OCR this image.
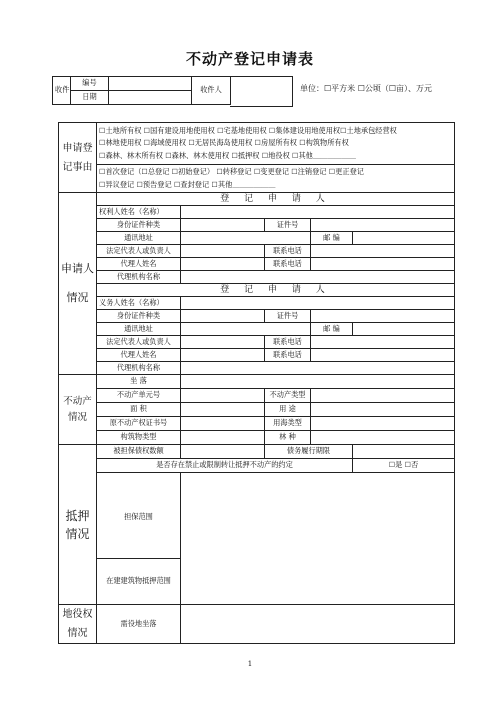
不动产登记申请表
收件	编号		收件人
	日期		
单位：☐平方米 ☐公顷（☐亩）、万元
申请登记事由	☐土地所有权 ☐国有建设用地使用权 ☐宅基地使用权 ☐集体建设用地使用权☐土地承包经营权
☐林地使用权 ☐海域使用权 ☐无居民海岛使用权 ☐房屋所有权 ☐构筑物所有权
☐森林、林木所有权 ☐森林、林木使用权 ☐抵押权 ☐地役权 ☐其他＿＿＿＿＿＿				

	☐首次登记（☐总登记 ☐初始登记） ☐转移登记 ☐变更登记 ☐注销登记 ☐更正登记
☐异议登记 ☐预告登记 ☐查封登记 ☐其他＿＿＿＿＿＿				

申请人情况	登 记 申 请 人				
	权利人姓名（名称）				
	身份证件种类		证件号		
	通讯地址			邮 编	
	法定代表人或负责人		联系电话		
	代理人姓名		联系电话		
	代理机构名称				
	登 记 申 请 人				
	义务人姓名（名称）				
	身份证件种类		证件号		
	通讯地址			邮 编	
	法定代表人或负责人		联系电话		
	代理人姓名		联系电话		
	代理机构名称				
不动产情况	坐 落				
	不动产单元号		不动产类型		
	面 积		用 途		
	原不动产权证书号		用海类型		
	构筑物类型		林 种		
抵押情况	被担保债权数额		债务履行期限		
	是否存在禁止或限制转让抵押不动产的约定				☐是 ☐否

	担保范围				
	在建建筑物抵押范围				
地役权情况	需役地坐落				
1
